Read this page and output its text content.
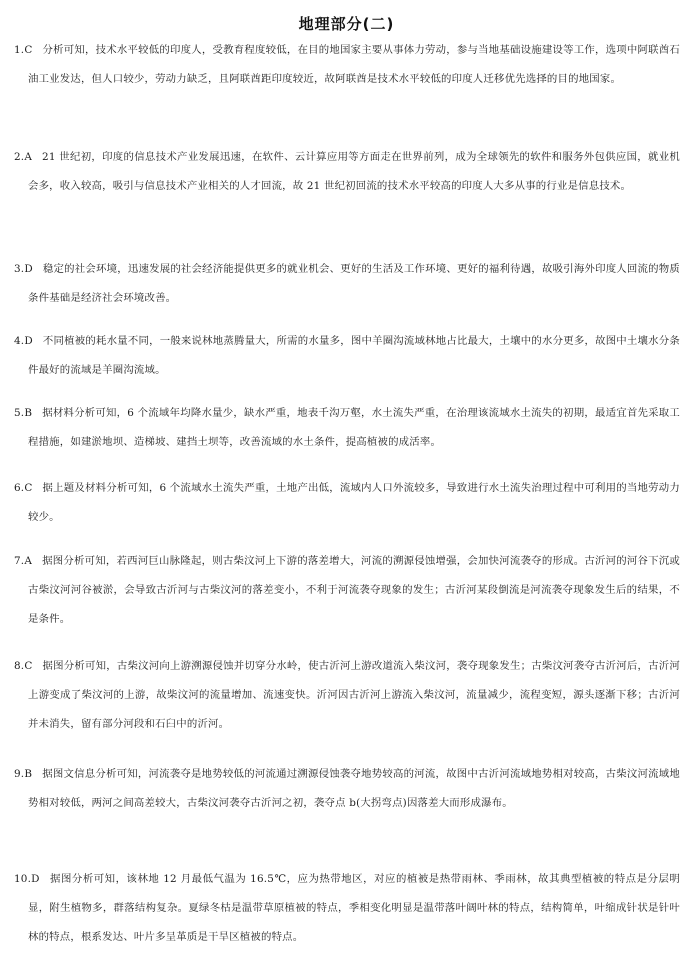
地理部分(二)
1.C 分析可知，技术水平较低的印度人，受教育程度较低，在目的地国家主要从事体力劳动，参与当地基础设施建设等工作，选项中阿联酋石油工业发达，但人口较少，劳动力缺乏，且阿联酋距印度较近，故阿联酋是技术水平较低的印度人迁移优先选择的目的地国家。
2.A 21 世纪初，印度的信息技术产业发展迅速，在软件、云计算应用等方面走在世界前列，成为全球领先的软件和服务外包供应国，就业机会多，收入较高，吸引与信息技术产业相关的人才回流，故 21 世纪初回流的技术水平较高的印度人大多从事的行业是信息技术。
3.D 稳定的社会环境，迅速发展的社会经济能提供更多的就业机会、更好的生活及工作环境、更好的福利待遇，故吸引海外印度人回流的物质条件基础是经济社会环境改善。
4.D 不同植被的耗水量不同，一般来说林地蒸腾量大，所需的水量多，图中羊圈沟流域林地占比最大，土壤中的水分更多，故图中土壤水分条件最好的流域是羊圈沟流域。
5.B 据材料分析可知，6 个流域年均降水量少，缺水严重，地表千沟万壑，水土流失严重，在治理该流域水土流失的初期，最适宜首先采取工程措施，如建淤地坝、造梯坡、建挡土坝等，改善流域的水土条件，提高植被的成活率。
6.C 据上题及材料分析可知，6 个流域水土流失严重，土地产出低，流域内人口外流较多，导致进行水土流失治理过程中可利用的当地劳动力较少。
7.A 据图分析可知，若西河巨山脉隆起，则古柴汶河上下游的落差增大，河流的溯源侵蚀增强，会加快河流袭夺的形成。古沂河的河谷下沉或古柴汶河河谷被淤，会导致古沂河与古柴汶河的落差变小，不利于河流袭夺现象的发生；古沂河某段倒流是河流袭夺现象发生后的结果，不是条件。
8.C 据图分析可知，古柴汶河向上游溯源侵蚀并切穿分水岭，使古沂河上游改道流入柴汶河，袭夺现象发生；古柴汶河袭夺古沂河后，古沂河上游变成了柴汶河的上游，故柴汶河的流量增加、流速变快。沂河因古沂河上游流入柴汶河，流量减少，流程变短，源头逐渐下移；古沂河并未消失，留有部分河段和石臼中的沂河。
9.B 据图文信息分析可知，河流袭夺是地势较低的河流通过溯源侵蚀袭夺地势较高的河流，故图中古沂河流域地势相对较高，古柴汶河流域地势相对较低，两河之间高差较大，古柴汶河袭夺古沂河之初，袭夺点 b(大拐弯点)因落差大而形成瀑布。
10.D 据图分析可知，该林地 12 月最低气温为 16.5℃，应为热带地区，对应的植被是热带雨林、季雨林，故其典型植被的特点是分层明显，附生植物多，群落结构复杂。夏绿冬枯是温带草原植被的特点，季相变化明显是温带落叶阔叶林的特点，结构简单，叶缩成针状是针叶林的特点，根系发达、叶片多呈革质是干旱区植被的特点。
